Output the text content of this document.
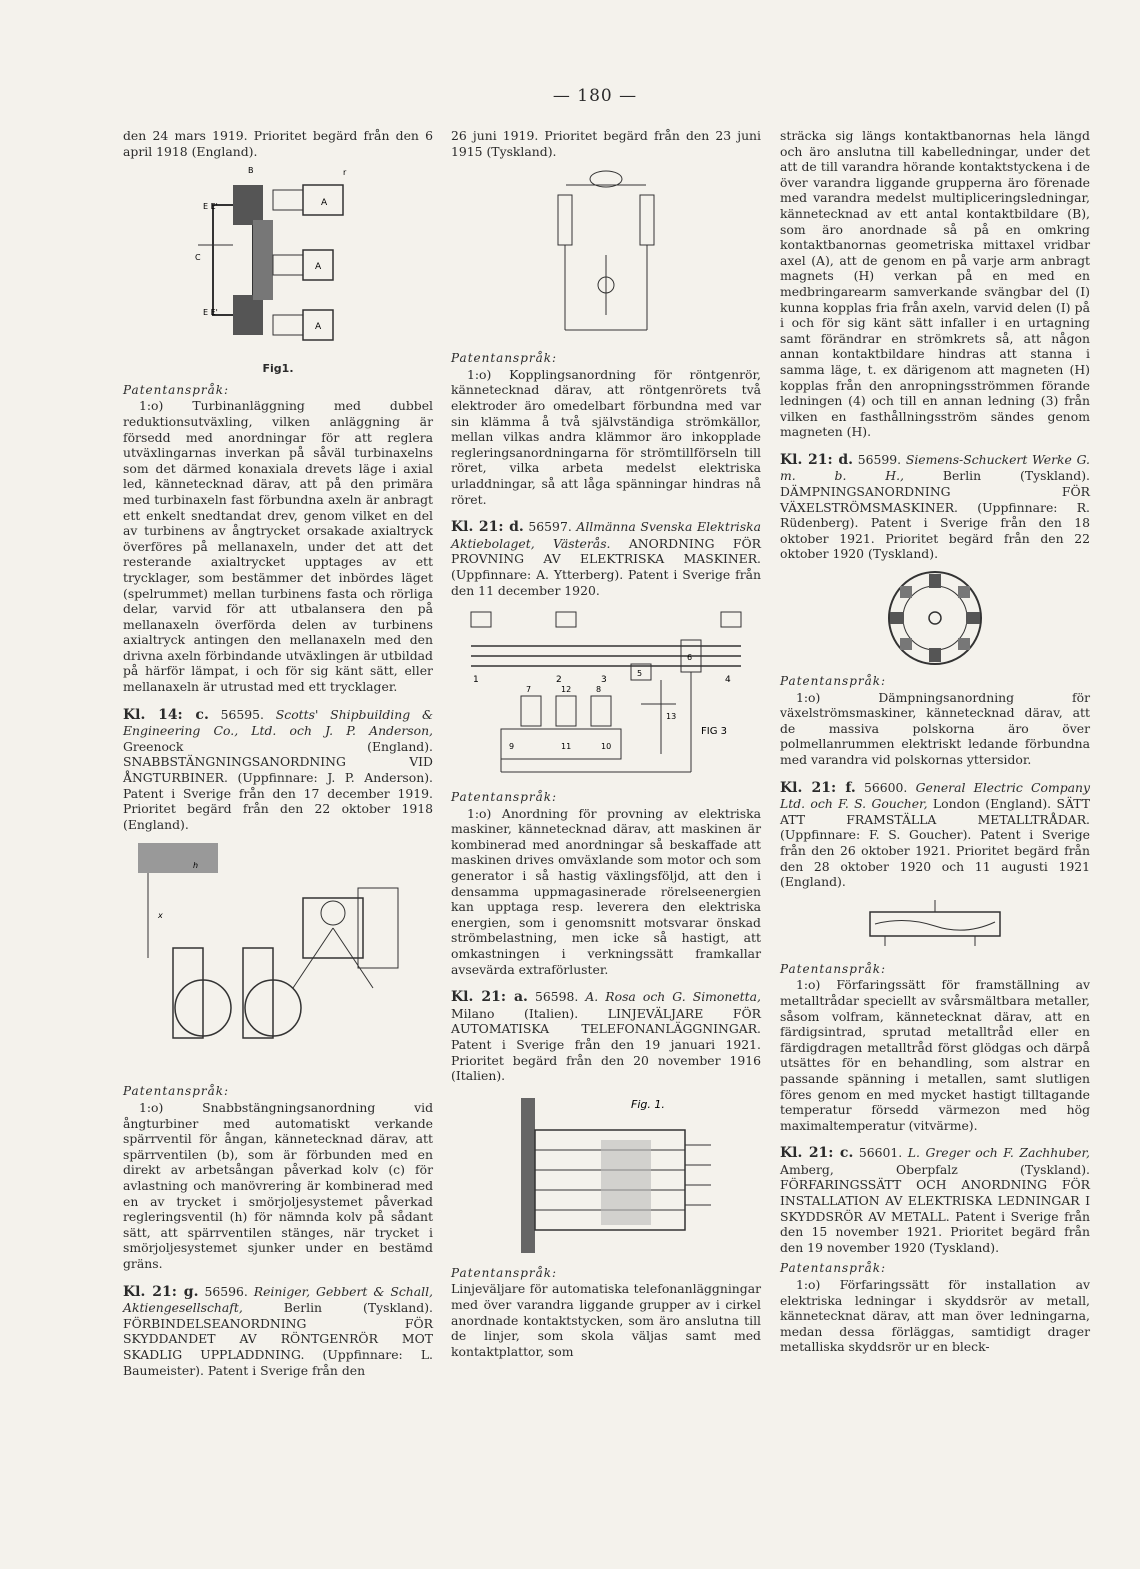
— 180 —

den 24 mars 1919. Prioritet begärd från den 6 april 1918 (England).

A
A
A
B	r
E E'
E E'
C

Fig1.

Patentanspråk:

1:o) Turbinanläggning med dubbel reduktionsutväxling, vilken anläggning är försedd med anordningar för att reglera utväxlingarnas inverkan på såväl turbinaxelns som det därmed konaxiala drevets läge i axial led, kännetecknad därav, att på den primära med turbinaxeln fast förbundna axeln är anbragt ett enkelt snedtandat drev, genom vilket en del av turbinens av ångtrycket orsakade axialtryck överföres på mellanaxeln, under det att det resterande axialtrycket upptages av ett trycklager, som bestämmer det inbördes läget (spelrummet) mellan turbinens fasta och rörliga delar, varvid för att utbalansera den på mellanaxeln överförda delen av turbinens axialtryck antingen den mellanaxeln med den drivna axeln förbindande utväxlingen är utbildad på härför lämpat, i och för sig känt sätt, eller mellanaxeln är utrustad med ett trycklager.

Kl. 14: c. 56595. Scotts' Shipbuilding & Engineering Co., Ltd. och J. P. Anderson, Greenock (England). SNABBSTÄNGNINGSANORDNING VID ÅNGTURBINER. (Uppfinnare: J. P. Anderson). Patent i Sverige från den 17 december 1919. Prioritet begärd från den 22 oktober 1918 (England).

h
x

Patentanspråk:

1:o) Snabbstängningsanordning vid ångturbiner med automatiskt verkande spärrventil för ångan, kännetecknad därav, att spärrventilen (b), som är förbunden med en direkt av arbetsångan påverkad kolv (c) för avlastning och manövrering är kombinerad med en av trycket i smörjoljesystemet påverkad regleringsventil (h) för nämnda kolv på sådant sätt, att spärrventilen stänges, när trycket i smörjoljesystemet sjunker under en bestämd gräns.

Kl. 21: g. 56596. Reiniger, Gebbert & Schall, Aktiengesellschaft,	Berlin (Tyskland). FÖRBINDELSEANORDNING FÖR SKYDDANDET AV RÖNTGENRÖR MOT SKADLIG UPPLADDNING. (Uppfinnare: L. Baumeister). Patent i Sverige från den

26 juni 1919. Prioritet begärd från den 23 juni 1915 (Tyskland).

Patentanspråk:

1:o) Kopplingsanordning för röntgenrör, kännetecknad därav, att röntgenrörets två elektroder äro omedelbart förbundna med var sin klämma å två självständiga strömkällor, mellan vilkas andra klämmor äro inkopplade regleringsanordningarna för strömtillförseln till röret, vilka arbeta medelst elektriska urladdningar, så att låga spänningar hindras nå röret.

Kl. 21: d. 56597. Allmänna Svenska Elektriska Aktiebolaget, Västerås. ANORDNING FÖR PROVNING AV ELEKTRISKA MASKINER. (Uppfinnare: A. Ytterberg). Patent i Sverige från den 11 december 1920.

1	2	3	4
5
6
7	8
9	10
11
12
13
FIG 3

Patentanspråk:

1:o) Anordning för provning av elektriska maskiner, kännetecknad därav, att maskinen är kombinerad med anordningar så beskaffade att maskinen drives omväxlande som motor och som generator i så hastig växlingsföljd, att den i densamma uppmagasinerade rörelseenergien kan upptaga resp. leverera den elektriska energien, som i genomsnitt motsvarar önskad strömbelastning, men icke så hastigt, att omkastningen i verkningssätt framkallar avsevärda extraförluster.

Kl. 21: a. 56598. A. Rosa och G. Simonetta, Milano (Italien). LINJEVÄLJARE FÖR AUTOMATISKA TELEFONANLÄGGNINGAR. Patent i Sverige från den 19 januari 1921. Prioritet begärd från den 20 november 1916 (Italien).

Fig. 1.

Patentanspråk:

Linjeväljare för automatiska telefonanläggningar med över varandra liggande grupper av i cirkel anordnade kontaktstycken, som äro anslutna till de linjer, som skola väljas samt med kontaktplattor, som

sträcka sig längs kontaktbanornas hela längd och äro anslutna till kabelledningar, under det att de till varandra hörande kontaktstyckena i de över varandra liggande grupperna äro förenade med varandra medelst multipliceringsledningar, kännetecknad av ett antal kontaktbildare (B), som äro anordnade så på en omkring kontaktbanornas geometriska mittaxel vridbar axel (A), att de genom en på varje arm anbragt magnets (H) verkan på en med en medbringarearm samverkande svängbar del (I) kunna kopplas fria från axeln, varvid delen (I) på i och för sig känt sätt infaller i en urtagning samt förändrar en strömkrets så, att någon annan kontaktbildare hindras att stanna i samma läge, t. ex därigenom att magneten (H) kopplas från den anropningsströmmen förande ledningen (4) och till en annan ledning (3) från vilken en fasthållningsström sändes genom magneten (H).

Kl. 21: d. 56599. Siemens-Schuckert Werke G. m. b. H.,	Berlin (Tyskland). DÄMPNINGSANORDNING FÖR VÄXELSTRÖMSMASKINER. (Uppfinnare: R. Rüdenberg). Patent i Sverige från den 18 oktober 1921. Prioritet begärd från den 22 oktober 1920 (Tyskland).

Patentanspråk:

1:o) Dämpningsanordning för växelströmsmaskiner, kännetecknad därav, att de massiva polskorna äro över polmellanrummen elektriskt ledande förbundna med varandra vid polskornas yttersidor.

Kl. 21: f. 56600. General Electric Company Ltd. och F. S. Goucher, London (England). SÄTT ATT FRAMSTÄLLA METALLTRÅDAR. (Uppfinnare: F. S. Goucher). Patent i Sverige från den 26 oktober 1921. Prioritet begärd från den 28 oktober 1920 och 11 augusti 1921 (England).

Patentanspråk:

1:o) Förfaringssätt för framställning av metalltrådar speciellt av svårsmältbara metaller, såsom volfram, kännetecknat därav, att en färdigsintrad, sprutad metalltråd eller en färdigdragen metalltråd först glödgas och därpå utsättes för en behandling, som alstrar en passande spänning i metallen, samt slutligen föres genom en med mycket hastigt tilltagande temperatur försedd värmezon med hög maximaltemperatur (vitvärme).

Kl. 21: c. 56601. L. Greger och F. Zachhuber, Amberg, Oberpfalz (Tyskland). FÖRFARINGSSÄTT OCH ANORDNING FÖR INSTALLATION AV ELEKTRISKA LEDNINGAR I SKYDDSRÖR AV METALL. Patent i Sverige från den 15 november 1921. Prioritet begärd från den 19 november 1920 (Tyskland).

Patentanspråk:

1:o) Förfaringssätt för installation av elektriska ledningar i skyddsrör av metall, kännetecknat därav, att man över ledningarna, medan dessa förläggas, samtidigt drager metalliska skyddsrör ur en bleck-
